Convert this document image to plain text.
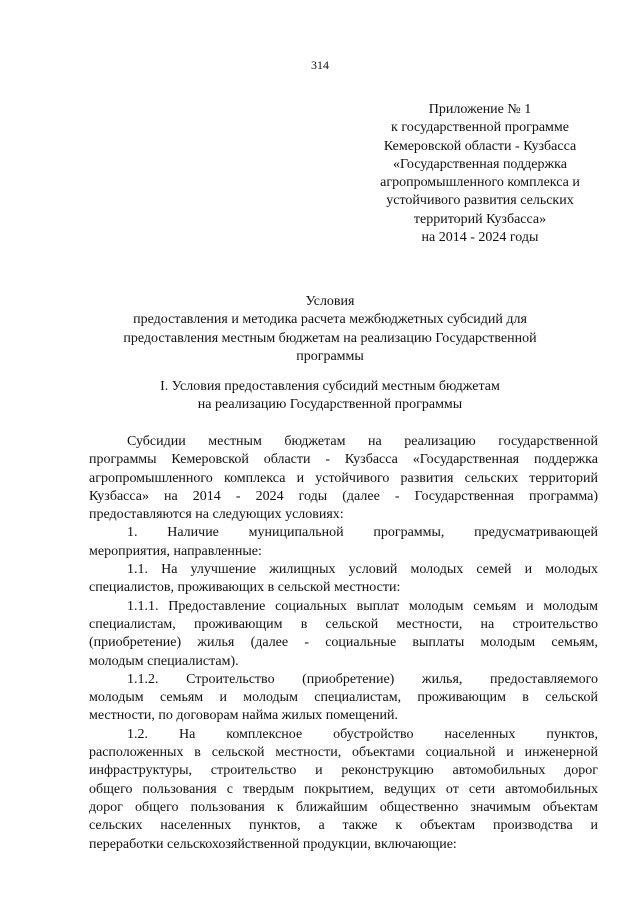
314
Приложение № 1
к государственной программе
Кемеровской области - Кузбасса
«Государственная поддержка
агропромышленного комплекса и
устойчивого развития сельских
территорий Кузбасса»
на 2014 - 2024 годы
Условия
предоставления и методика расчета межбюджетных субсидий для
предоставления местным бюджетам на реализацию Государственной
программы
I. Условия предоставления субсидий местным бюджетам
на реализацию Государственной программы
Субсидии местным бюджетам на реализацию государственной
программы Кемеровской области - Кузбасса «Государственная поддержка
агропромышленного комплекса и устойчивого развития сельских территорий
Кузбасса» на 2014 - 2024 годы (далее - Государственная программа)
предоставляются на следующих условиях:
1. Наличие муниципальной программы, предусматривающей
мероприятия, направленные:
1.1. На улучшение жилищных условий молодых семей и молодых
специалистов, проживающих в сельской местности:
1.1.1. Предоставление социальных выплат молодым семьям и молодым
специалистам, проживающим в сельской местности, на строительство
(приобретение) жилья (далее - социальные выплаты молодым семьям,
молодым специалистам).
1.1.2. Строительство (приобретение) жилья, предоставляемого
молодым семьям и молодым специалистам, проживающим в сельской
местности, по договорам найма жилых помещений.
1.2. На комплексное обустройство населенных пунктов,
расположенных в сельской местности, объектами социальной и инженерной
инфраструктуры, строительство и реконструкцию автомобильных дорог
общего пользования с твердым покрытием, ведущих от сети автомобильных
дорог общего пользования к ближайшим общественно значимым объектам
сельских населенных пунктов, а также к объектам производства и
переработки сельскохозяйственной продукции, включающие:
